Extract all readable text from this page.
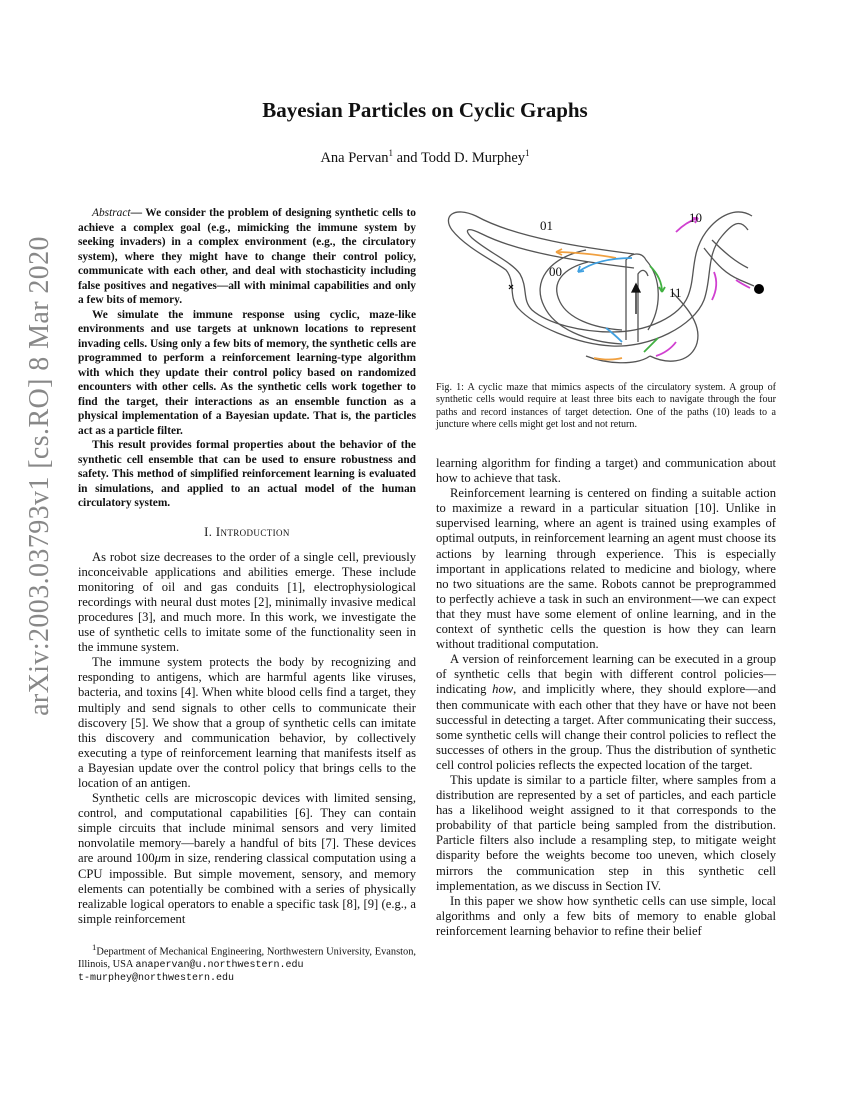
arXiv:2003.03793v1 [cs.RO] 8 Mar 2020
Bayesian Particles on Cyclic Graphs
Ana Pervan$^1$ and Todd D. Murphey$^1$

Abstract— We consider the problem of designing synthetic cells to achieve a complex goal (e.g., mimicking the immune system by seeking invaders) in a complex environment (e.g., the circulatory system), where they might have to change their control policy, communicate with each other, and deal with stochasticity including false positives and negatives—all with minimal capabilities and only a few bits of memory.

We simulate the immune response using cyclic, maze-like environments and use targets at unknown locations to represent invading cells. Using only a few bits of memory, the synthetic cells are programmed to perform a reinforcement learning-type algorithm with which they update their control policy based on randomized encounters with other cells. As the synthetic cells work together to find the target, their interactions as an ensemble function as a physical implementation of a Bayesian update. That is, the particles act as a particle filter.

This result provides formal properties about the behavior of the synthetic cell ensemble that can be used to ensure robustness and safety. This method of simplified reinforcement learning is evaluated in simulations, and applied to an actual model of the human circulatory system.

I. Introduction

As robot size decreases to the order of a single cell, previously inconceivable applications and abilities emerge. These include monitoring of oil and gas conduits [1], electrophysiological recordings with neural dust motes [2], minimally invasive medical procedures [3], and much more. In this work, we investigate the use of synthetic cells to imitate some of the functionality seen in the immune system.

The immune system protects the body by recognizing and responding to antigens, which are harmful agents like viruses, bacteria, and toxins [4]. When white blood cells find a target, they multiply and send signals to other cells to communicate their discovery [5]. We show that a group of synthetic cells can imitate this discovery and communication behavior, by collectively executing a type of reinforcement learning that manifests itself as a Bayesian update over the control policy that brings cells to the location of an antigen.

Synthetic cells are microscopic devices with limited sensing, control, and computational capabilities [6]. They can contain simple circuits that include minimal sensors and very limited nonvolatile memory—barely a handful of bits [7]. These devices are around 100μm in size, rendering classical computation using a CPU impossible. But simple movement, sensory, and memory elements can potentially be combined with a series of physically realizable logical operators to enable a specific task [8], [9] (e.g., a simple reinforcement

$^1$Department of Mechanical Engineering, Northwestern University, Evanston, Illinois, USA anapervan@u.northwestern.edu
t-murphey@northwestern.edu

01
10
00
11
Fig. 1: A cyclic maze that mimics aspects of the circulatory system. A group of synthetic cells would require at least three bits each to navigate through the four paths and record instances of target detection. One of the paths (10) leads to a juncture where cells might get lost and not return.

learning algorithm for finding a target) and communication about how to achieve that task.

Reinforcement learning is centered on finding a suitable action to maximize a reward in a particular situation [10]. Unlike in supervised learning, where an agent is trained using examples of optimal outputs, in reinforcement learning an agent must choose its actions by learning through experience. This is especially important in applications related to medicine and biology, where no two situations are the same. Robots cannot be preprogrammed to perfectly achieve a task in such an environment—we can expect that they must have some element of online learning, and in the context of synthetic cells the question is how they can learn without traditional computation.

A version of reinforcement learning can be executed in a group of synthetic cells that begin with different control policies—indicating how, and implicitly where, they should explore—and then communicate with each other that they have or have not been successful in detecting a target. After communicating their success, some synthetic cells will change their control policies to reflect the successes of others in the group. Thus the distribution of synthetic cell control policies reflects the expected location of the target.

This update is similar to a particle filter, where samples from a distribution are represented by a set of particles, and each particle has a likelihood weight assigned to it that corresponds to the probability of that particle being sampled from the distribution. Particle filters also include a resampling step, to mitigate weight disparity before the weights become too uneven, which closely mirrors the communication step in this synthetic cell implementation, as we discuss in Section IV.

In this paper we show how synthetic cells can use simple, local algorithms and only a few bits of memory to enable global reinforcement learning behavior to refine their belief
